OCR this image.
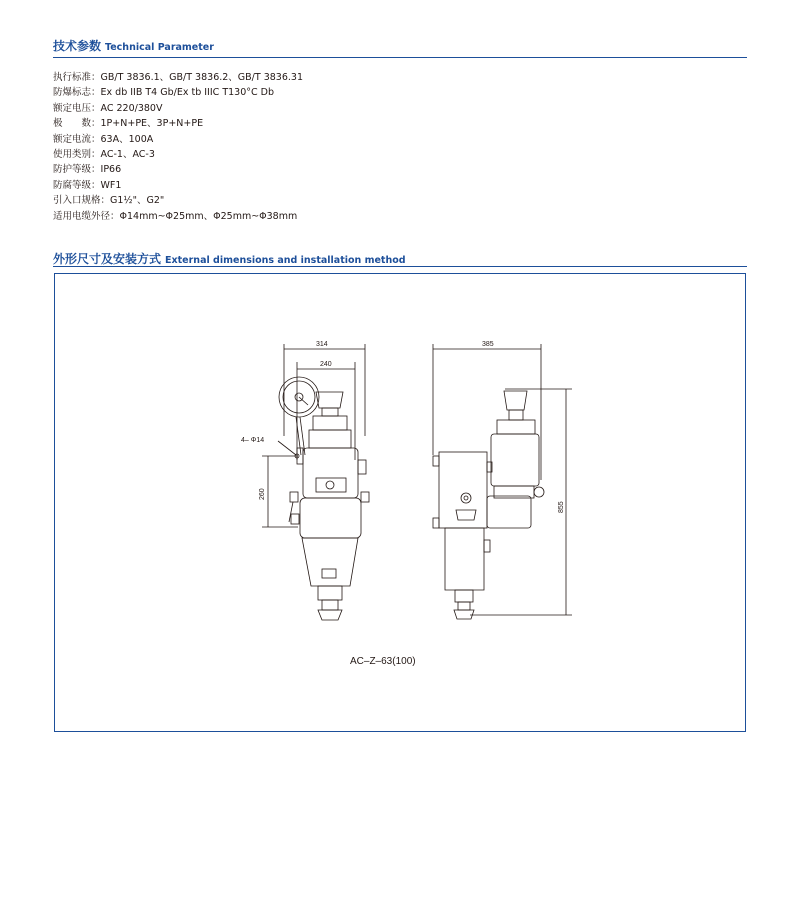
技术参数 Technical Parameter
执行标准：GB/T 3836.1、GB/T 3836.2、GB/T 3836.31
防爆标志：Ex db IIB T4 Gb/Ex tb IIIC T130°C Db
额定电压：AC 220/380V
极　　数：1P+N+PE、3P+N+PE
额定电流：63A、100A
使用类别：AC-1、AC-3
防护等级：IP66
防腐等级：WF1
引入口规格：G1½"、G2"
适用电缆外径：Φ14mm~Φ25mm、Φ25mm~Φ38mm
外形尺寸及安装方式 External dimensions and installation method
314
240
4– Φ14
260
385
855
AC–Z–63(100)
